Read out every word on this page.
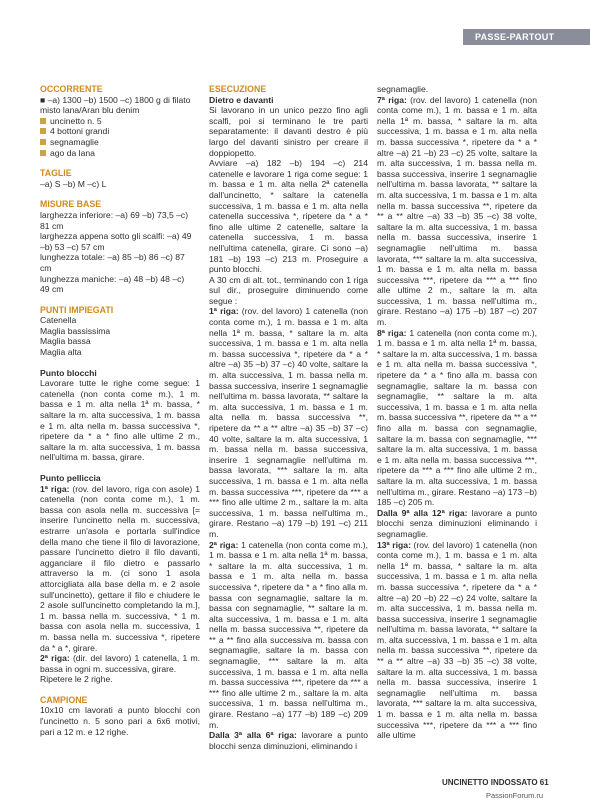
PASSE-PARTOUT

OCCORRENTE

■ –a) 1300 –b) 1500 –c) 1800 g di filato

misto lana/Aran blu denim

uncinetto n. 5

4 bottoni grandi

segnamaglie

ago da lana

TAGLIE

–a) S –b) M –c) L

MISURE BASE

larghezza inferiore: –a) 69 –b) 73,5 –c)

81 cm

larghezza appena sotto gli scalfi: –a) 49

–b) 53 –c) 57 cm

lunghezza totale: –a) 85 –b) 86 –c) 87

cm

lunghezza maniche: –a) 48 –b) 48 –c)

49 cm

PUNTI IMPIEGATI

Catenella

Maglia bassissima

Maglia bassa

Maglia alta

Punto blocchi

Lavorare tutte le righe come segue: 1 catenella (non conta come m.), 1 m. bassa e 1 m. alta nella 1ª m. bassa, * saltare la m. alta successiva, 1 m. bassa e 1 m. alta nella m. bassa successiva *, ripetere da * a * fino alle ultime 2 m., saltare la m. alta successiva, 1 m. bassa nell'ultima m. bassa, girare.

Punto pelliccia

1ª riga: (rov. del lavoro, riga con asole) 1 catenella (non conta come m.), 1 m. bassa con asola nella m. successiva [= inserire l'uncinetto nella m. successiva, estrarre un'asola e portarla sull'indice della mano che tiene il filo di lavorazione, passare l'uncinetto dietro il filo davanti, agganciare il filo dietro e passarlo attraverso la m. (ci sono 1 asola attorcigliata alla base della m. e 2 asole sull'uncinetto), gettare il filo e chiudere le 2 asole sull'uncinetto completando la m.], 1 m. bassa nella m. successiva, * 1 m. bassa con asola nella m. successiva, 1 m. bassa nella m. successiva *, ripetere da * a *, girare.

2ª riga: (dir. del lavoro) 1 catenella, 1 m. bassa in ogni m. successiva, girare.

Ripetere le 2 righe.

CAMPIONE

10x10 cm lavorati a punto blocchi con l'uncinetto n. 5 sono pari a 6x6 motivi, pari a 12 m. e 12 righe.

ESECUZIONE

Dietro e davanti

Si lavorano in un unico pezzo fino agli scalfi, poi si terminano le tre parti separatamente: il davanti destro è più largo del davanti sinistro per creare il doppiopetto.

Avviare –a) 182 –b) 194 –c) 214 catenelle e lavorare 1 riga come segue: 1 m. bassa e 1 m. alta nella 2ª catenella dall'uncinetto, * saltare la catenella successiva, 1 m. bassa e 1 m. alta nella catenella successiva *, ripetere da * a * fino alle ultime 2 catenelle, saltare la catenella successiva, 1 m. bassa nell'ultima catenella, girare. Ci sono –a) 181 –b) 193 –c) 213 m. Proseguire a punto blocchi.

A 30 cm di alt. tot., terminando con 1 riga sul dir., proseguire diminuendo come segue :

1ª riga: (rov. del lavoro) 1 catenella (non conta come m.), 1 m. bassa e 1 m. alta nella 1ª m. bassa, * saltare la m. alta successiva, 1 m. bassa e 1 m. alta nella m. bassa successiva *, ripetere da * a * altre –a) 35 –b) 37 –c) 40 volte, saltare la m. alta successiva, 1 m. bassa nella m. bassa successiva, inserire 1 segnamaglie nell'ultima m. bassa lavorata, ** saltare la m. alta successiva, 1 m. bassa e 1 m. alta nella m. bassa successiva **, ripetere da ** a ** altre –a) 35 –b) 37 –c) 40 volte, saltare la m. alta successiva, 1 m. bassa nella m. bassa successiva, inserire 1 segnamaglie nell'ultima m. bassa lavorata, *** saltare la m. alta successiva, 1 m. bassa e 1 m. alta nella m. bassa successiva ***, ripetere da *** a *** fino alle ultime 2 m., saltare la m. alta successiva, 1 m. bassa nell'ultima m., girare. Restano –a) 179 –b) 191 –c) 211 m.

2ª riga: 1 catenella (non conta come m.), 1 m. bassa e 1 m. alta nella 1ª m. bassa, * saltare la m. alta successiva, 1 m. bassa e 1 m. alta nella m. bassa successiva *, ripetere da * a * fino alla m. bassa con segnamaglie, saltare la m. bassa con segnamaglie, ** saltare la m. alta successiva, 1 m. bassa e 1 m. alta nella m. bassa successiva **, ripetere da ** a ** fino alla successiva m. bassa con segnamaglie, saltare la m. bassa con segnamaglie, *** saltare la m. alta successiva, 1 m. bassa e 1 m. alta nella m. bassa successiva ***, ripetere da *** a *** fino alle ultime 2 m., saltare la m. alta successiva, 1 m. bassa nell'ultima m., girare. Restano –a) 177 –b) 189 –c) 209 m.

Dalla 3ª alla 6ª riga: lavorare a punto blocchi senza diminuzioni, eliminando i

segnamaglie.

7ª riga: (rov. del lavoro) 1 catenella (non conta come m.), 1 m. bassa e 1 m. alta nella 1ª m. bassa, * saltare la m. alta successiva, 1 m. bassa e 1 m. alta nella m. bassa successiva *, ripetere da * a * altre –a) 21 –b) 23 –c) 25 volte, saltare la m. alta successiva, 1 m. bassa nella m. bassa successiva, inserire 1 segnamaglie nell'ultima m. bassa lavorata, ** saltare la m. alta successiva, 1 m. bassa e 1 m. alta nella m. bassa successiva **, ripetere da ** a ** altre –a) 33 –b) 35 –c) 38 volte, saltare la m. alta successiva, 1 m. bassa nella m. bassa successiva, inserire 1 segnamaglie nell'ultima m. bassa lavorata, *** saltare la m. alta successiva, 1 m. bassa e 1 m. alta nella m. bassa successiva ***, ripetere da *** a *** fino alle ultime 2 m., saltare la m. alta successiva, 1 m. bassa nell'ultima m., girare. Restano –a) 175 –b) 187 –c) 207 m.

8ª riga: 1 catenella (non conta come m.), 1 m. bassa e 1 m. alta nella 1ª m. bassa, * saltare la m. alta successiva, 1 m. bassa e 1 m. alta nella m. bassa successiva *, ripetere da * a * fino alla m. bassa con segnamaglie, saltare la m. bassa con segnamaglie, ** saltare la m. alta successiva, 1 m. bassa e 1 m. alta nella m. bassa successiva **, ripetere da ** a ** fino alla m. bassa con segnamaglie, saltare la m. bassa con segnamaglie, *** saltare la m. alta successiva, 1 m. bassa e 1 m. alta nella m. bassa successiva ***, ripetere da *** a *** fino alle ultime 2 m., saltare la m. alta successiva, 1 m. bassa nell'ultima m., girare. Restano –a) 173 –b) 185 –c) 205 m.

Dalla 9ª alla 12ª riga: lavorare a punto blocchi senza diminuzioni eliminando i segnamaglie.

13ª riga: (rov. del lavoro) 1 catenella (non conta come m.), 1 m. bassa e 1 m. alta nella 1ª m. bassa, * saltare la m. alta successiva, 1 m. bassa e 1 m. alta nella m. bassa successiva *, ripetere da * a * altre –a) 20 –b) 22 –c) 24 volte, saltare la m. alta successiva, 1 m. bassa nella m. bassa successiva, inserire 1 segnamaglie nell'ultima m. bassa lavorata, ** saltare la m. alta successiva, 1 m. bassa e 1 m. alta nella m. bassa successiva **, ripetere da ** a ** altre –a) 33 –b) 35 –c) 38 volte, saltare la m. alta successiva, 1 m. bassa nella m. bassa successiva, inserire 1 segnamaglie nell'ultima m. bassa lavorata, *** saltare la m. alta successiva, 1 m. bassa e 1 m. alta nella m. bassa successiva ***, ripetere da *** a *** fino alle ultime

UNCINETTO INDOSSATO 61
PassionForum.ru
